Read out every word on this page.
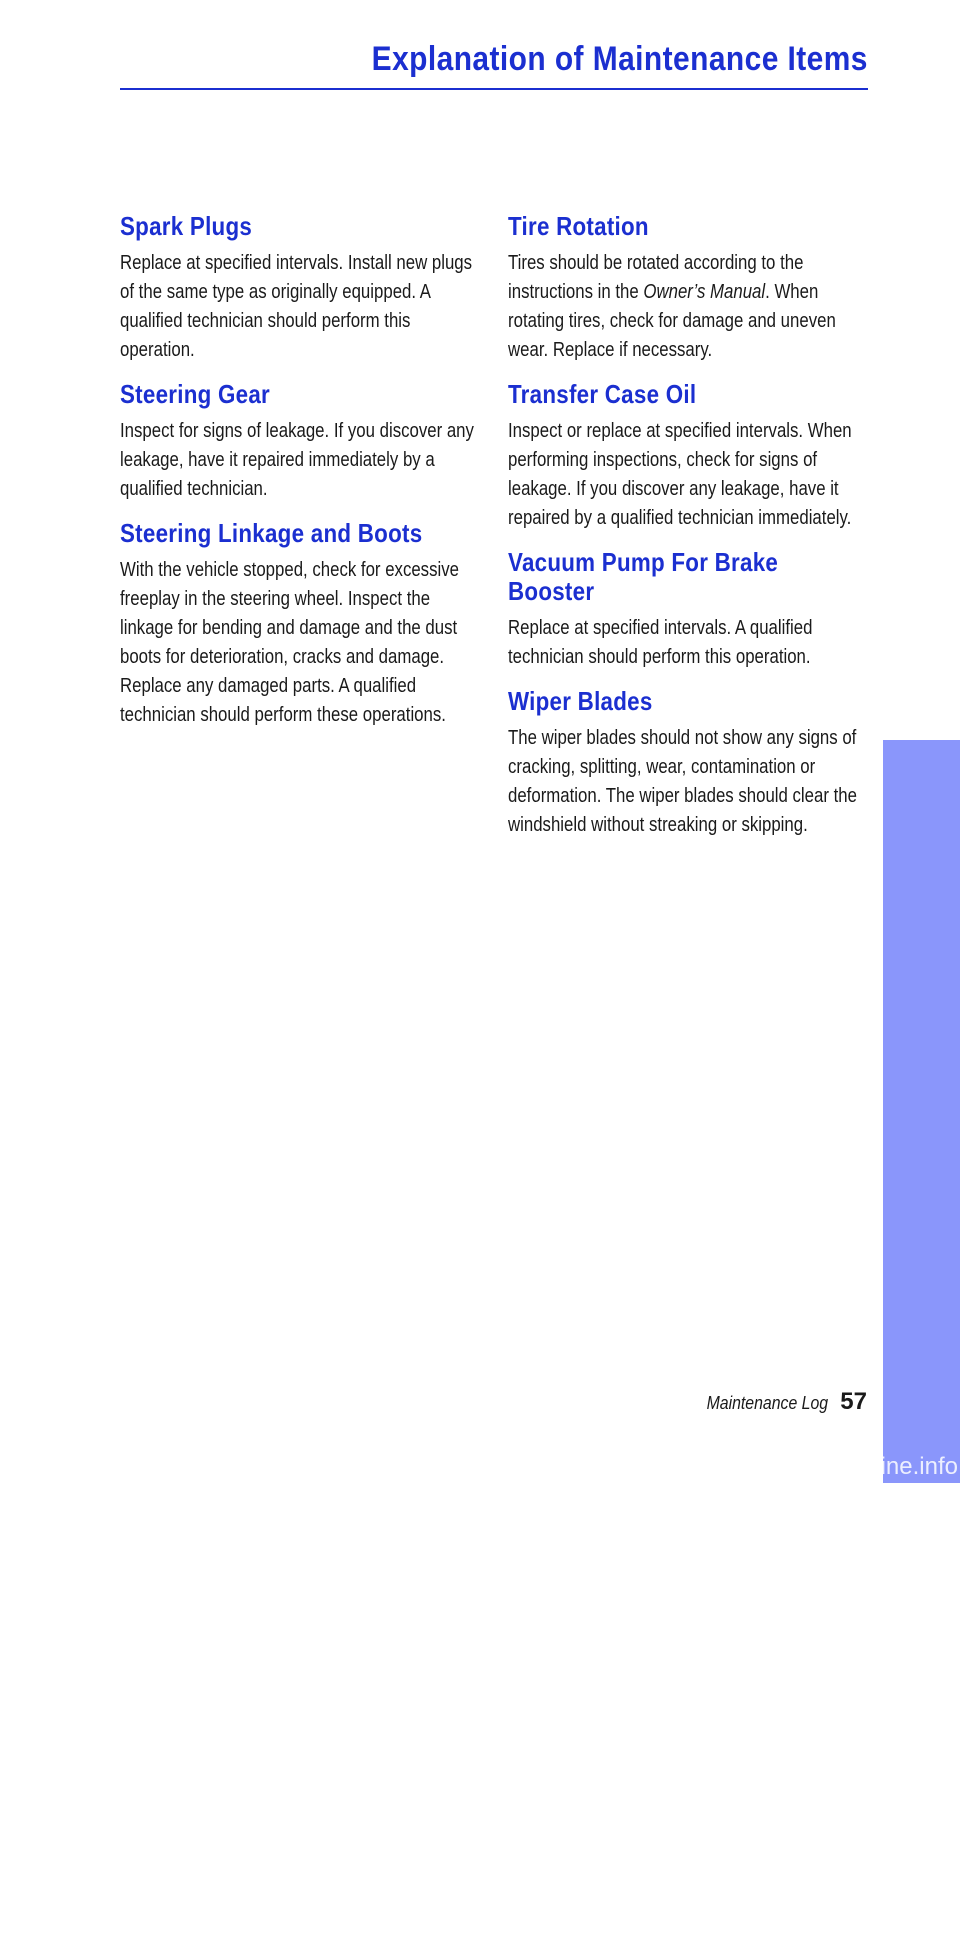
Explanation of Maintenance Items
Spark Plugs

Replace at specified intervals. Install new plugs of the same type as originally equipped. A qualified technician should perform this operation.

Steering Gear

Inspect for signs of leakage. If you discover any leakage, have it repaired immediately by a qualified technician.

Steering Linkage and Boots

With the vehicle stopped, check for excessive freeplay in the steering wheel. Inspect the linkage for bending and damage and the dust boots for deterioration, cracks and damage. Replace any damaged parts. A qualified technician should perform these operations.

Tire Rotation

Tires should be rotated according to the instructions in the Owner’s Manual. When rotating tires, check for damage and uneven wear. Replace if necessary.

Transfer Case Oil

Inspect or replace at specified intervals. When performing inspections, check for signs of leakage. If you discover any leakage, have it repaired by a qualified technician immediately.

Vacuum Pump For Brake Booster

Replace at specified intervals. A qualified technician should perform this operation.

Wiper Blades

The wiper blades should not show any signs of cracking, splitting, wear, contamination or deformation. The wiper blades should clear the windshield without streaking or skipping.

MAINTENANCE
Maintenance Log 57
carmanualsonline.info
